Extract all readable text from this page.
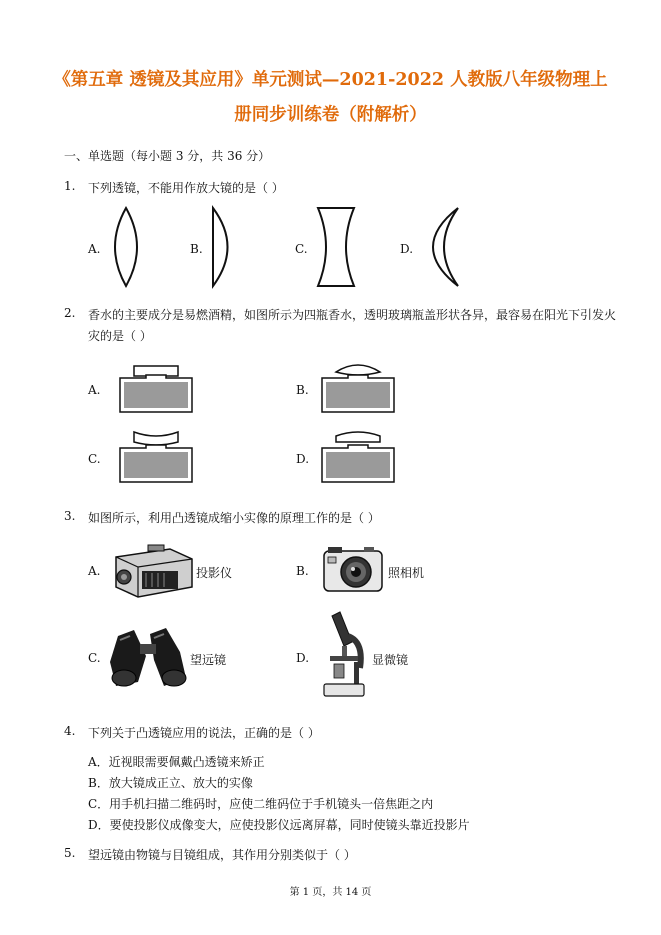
《第五章 透镜及其应用》单元测试—2021-2022 人教版八年级物理上
册同步训练卷（附解析）
一、单选题（每小题 3 分，共 36 分）
1. 下列透镜，不能用作放大镜的是（ ）
A.	B.	C.	D.
2. 香水的主要成分是易燃酒精，如图所示为四瓶香水，透明玻璃瓶盖形状各异，最容易在阳光下引发火
灾的是（ ）
A.	B.
C.	D.
3. 如图所示，利用凸透镜成缩小实像的原理工作的是（ ）
A.	投影仪	B.	照相机
C.	望远镜	D.	显微镜
4. 下列关于凸透镜应用的说法，正确的是（ ）
A．近视眼需要佩戴凸透镜来矫正
B．放大镜成正立、放大的实像
C．用手机扫描二维码时，应使二维码位于手机镜头一倍焦距之内
D．要使投影仪成像变大，应使投影仪远离屏幕，同时使镜头靠近投影片
5. 望远镜由物镜与目镜组成，其作用分别类似于（ ）
第 1 页，共 14 页
